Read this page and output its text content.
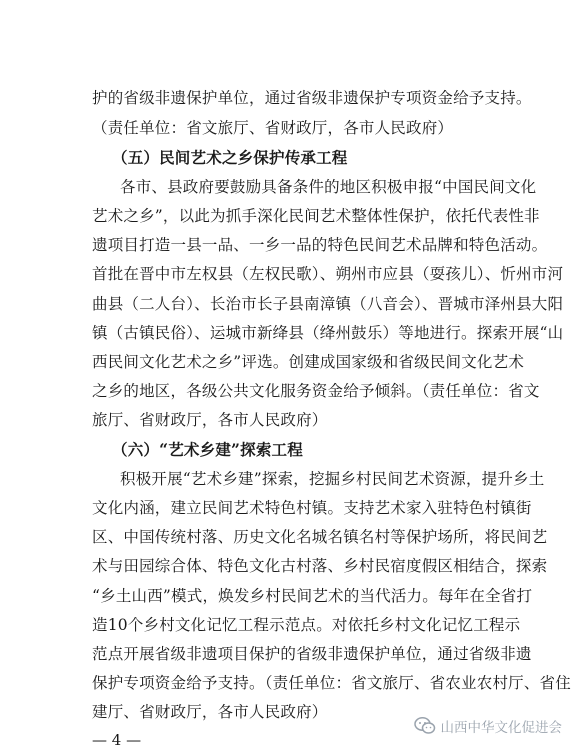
护的省级非遗保护单位，通过省级非遗保护专项资金给予支持。
（责任单位：省文旅厅、省财政厅，各市人民政府）
（五）民间艺术之乡保护传承工程
各市、县政府要鼓励具备条件的地区积极申报“中国民间文化
艺术之乡”，以此为抓手深化民间艺术整体性保护，依托代表性非
遗项目打造一县一品、一乡一品的特色民间艺术品牌和特色活动。
首批在晋中市左权县（左权民歌）、朔州市应县（耍孩儿）、忻州市河
曲县（二人台）、长治市长子县南漳镇（八音会）、晋城市泽州县大阳
镇（古镇民俗）、运城市新绛县（绛州鼓乐）等地进行。探索开展“山
西民间文化艺术之乡”评选。创建成国家级和省级民间文化艺术
之乡的地区，各级公共文化服务资金给予倾斜。（责任单位：省文
旅厅、省财政厅，各市人民政府）
（六）“艺术乡建”探索工程
积极开展“艺术乡建”探索，挖掘乡村民间艺术资源，提升乡土
文化内涵，建立民间艺术特色村镇。支持艺术家入驻特色村镇街
区、中国传统村落、历史文化名城名镇名村等保护场所，将民间艺
术与田园综合体、特色文化古村落、乡村民宿度假区相结合，探索
“乡土山西”模式，焕发乡村民间艺术的当代活力。每年在全省打
造10个乡村文化记忆工程示范点。对依托乡村文化记忆工程示
范点开展省级非遗项目保护的省级非遗保护单位，通过省级非遗
保护专项资金给予支持。（责任单位：省文旅厅、省农业农村厅、省住
建厅、省财政厅，各市人民政府）
— 4 —
山西中华文化促进会
